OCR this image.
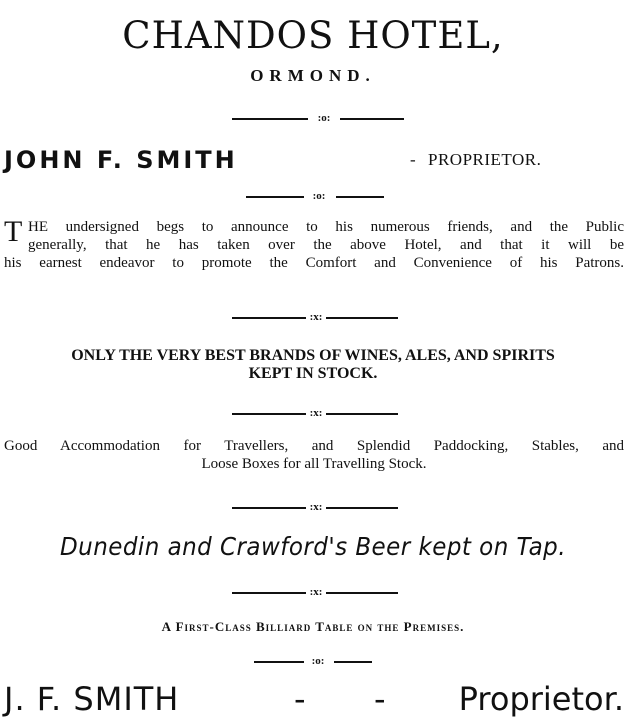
CHANDOS HOTEL,
ORMOND.
:o:
JOHN F. SMITH	- PROPRIETOR.
:o:
T HE undersigned begs to announce to his numerous friends, and the Public
generally, that he has taken over the above Hotel, and that it will be
his earnest endeavor to promote the Comfort and Convenience of his Patrons.
:x:
ONLY THE VERY BEST BRANDS OF WINES, ALES, AND SPIRITS
KEPT IN STOCK.
:x:
Good Accommodation for Travellers, and Splendid Paddocking, Stables, and
Loose Boxes for all Travelling Stock.
:x:
Dunedin and Crawford's Beer kept on Tap.
:x:
A First-Class Billiard Table on the Premises.
:o:
J. F. SMITH	- - Proprietor.
